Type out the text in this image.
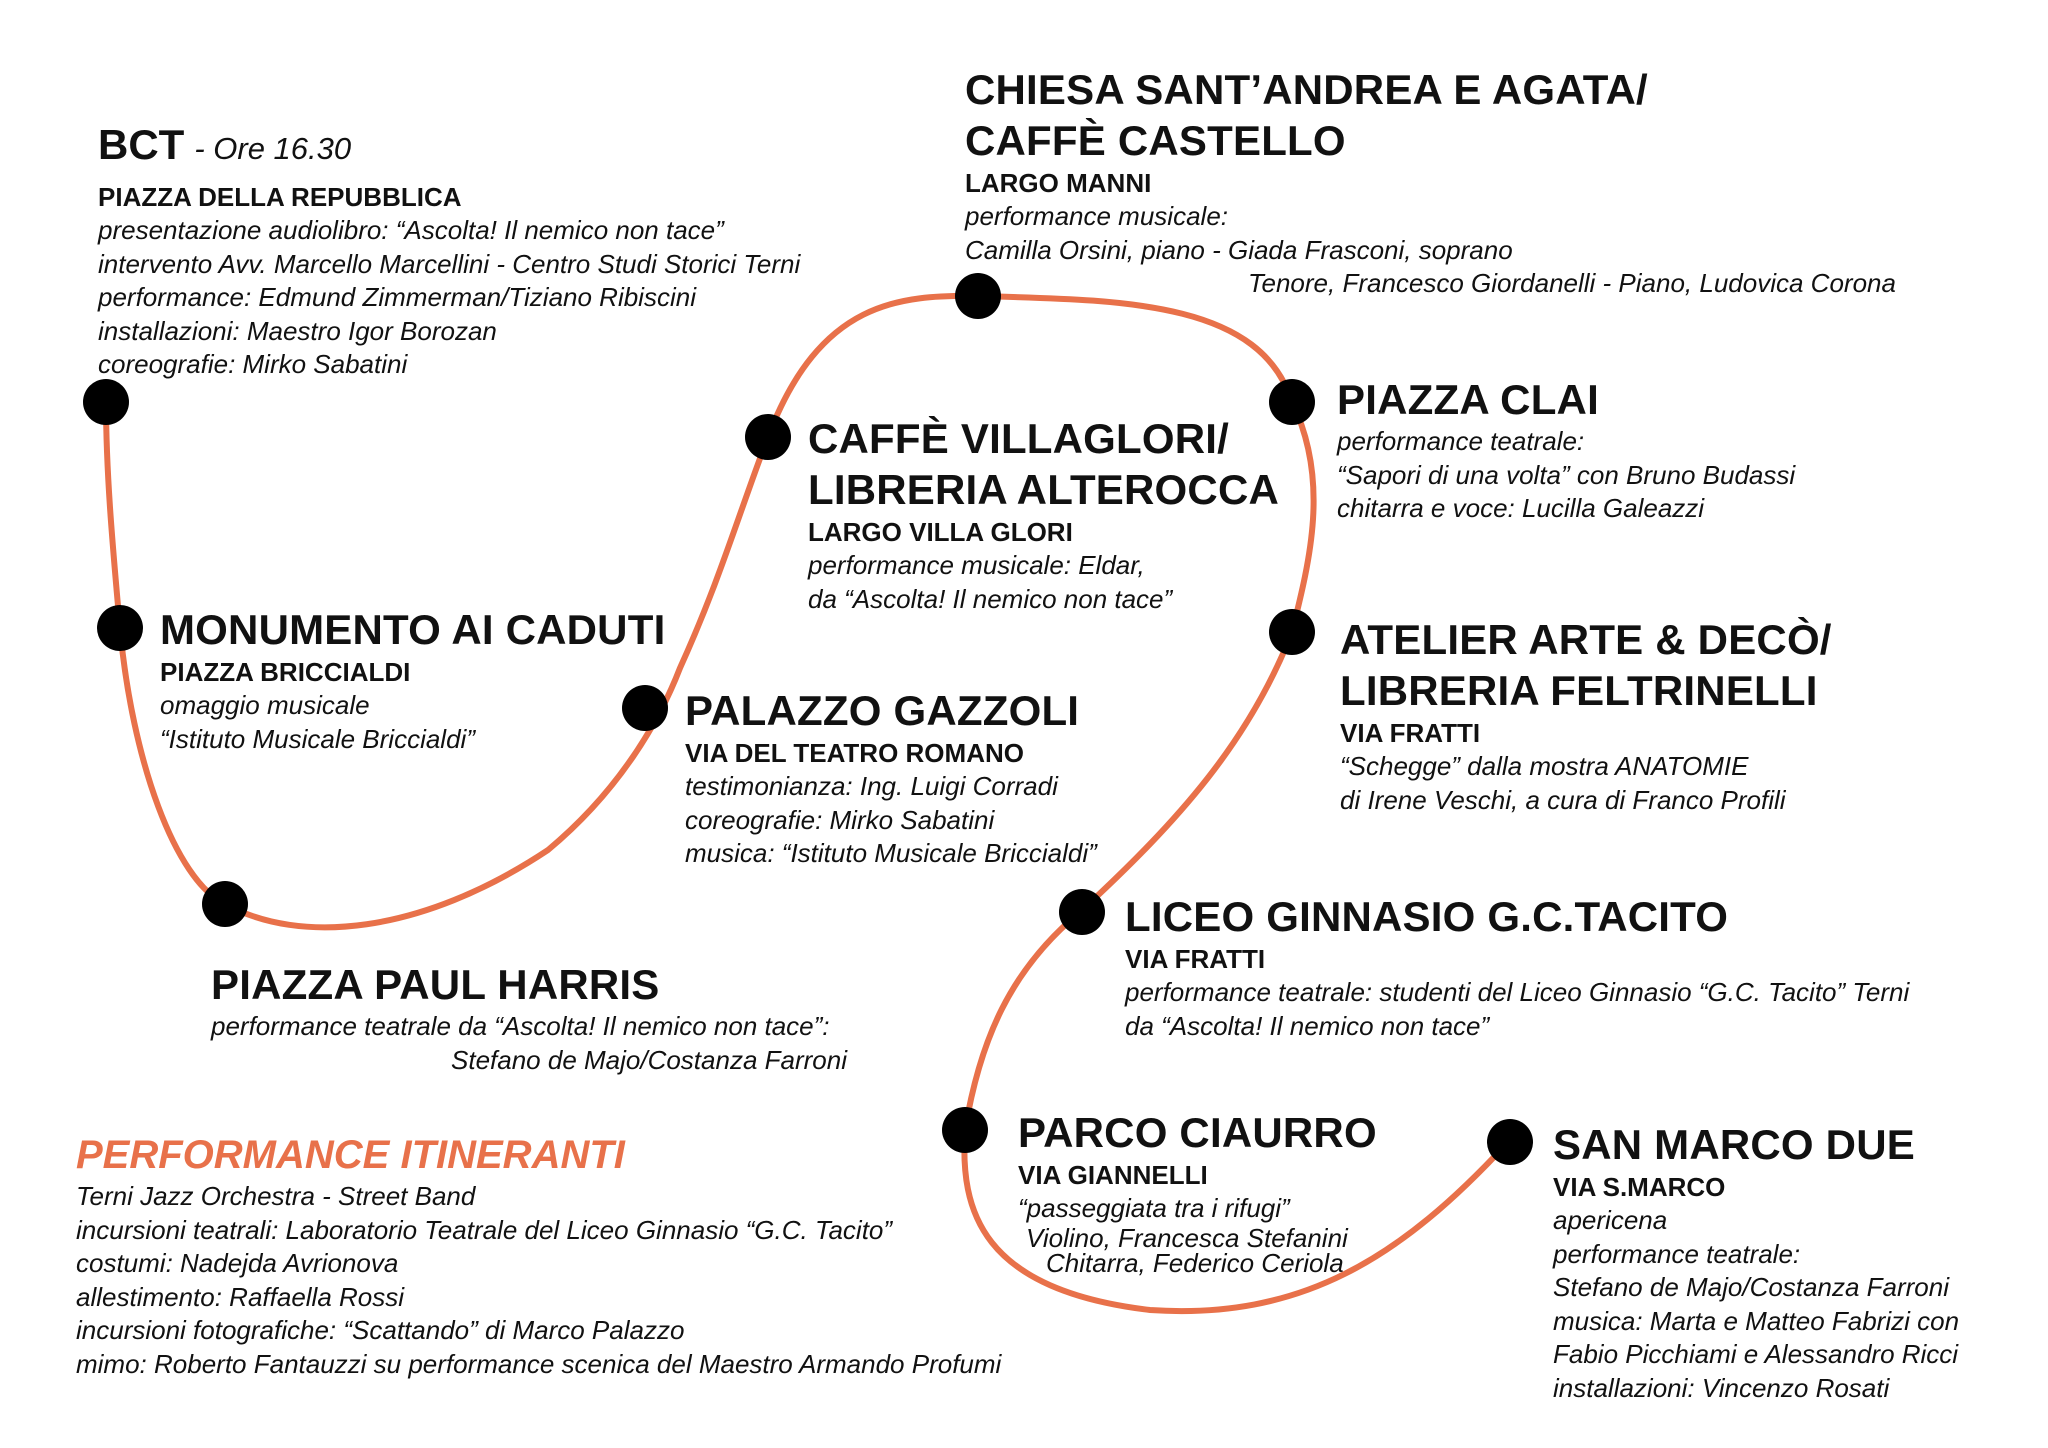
BCT - Ore 16.30
PIAZZA DELLA REPUBBLICA
presentazione audiolibro: “Ascolta! Il nemico non tace”
intervento Avv. Marcello Marcellini - Centro Studi Storici Terni
performance: Edmund Zimmerman/Tiziano Ribiscini
installazioni: Maestro Igor Borozan
coreografie: Mirko Sabatini
CHIESA SANT’ANDREA E AGATA/
CAFFÈ CASTELLO
LARGO MANNI
performance musicale:
Camilla Orsini, piano - Giada Frasconi, soprano
Tenore, Francesco Giordanelli - Piano, Ludovica Corona
PIAZZA CLAI
performance teatrale:
“Sapori di una volta” con Bruno Budassi
chitarra e voce: Lucilla Galeazzi
CAFFÈ VILLAGLORI/
LIBRERIA ALTEROCCA
LARGO VILLA GLORI
performance musicale: Eldar,
da “Ascolta! Il nemico non tace”
MONUMENTO AI CADUTI
PIAZZA BRICCIALDI
omaggio musicale
“Istituto Musicale Briccialdi”
PALAZZO GAZZOLI
VIA DEL TEATRO ROMANO
testimonianza: Ing. Luigi Corradi
coreografie: Mirko Sabatini
musica: “Istituto Musicale Briccialdi”
ATELIER ARTE & DECÒ/
LIBRERIA FELTRINELLI
VIA FRATTI
“Schegge” dalla mostra ANATOMIE
di Irene Veschi, a cura di Franco Profili
LICEO GINNASIO G.C.TACITO
VIA FRATTI
performance teatrale: studenti del Liceo Ginnasio “G.C. Tacito” Terni
da “Ascolta! Il nemico non tace”
PIAZZA PAUL HARRIS
performance teatrale da “Ascolta! Il nemico non tace”:
Stefano de Majo/Costanza Farroni
PARCO CIAURRO
VIA GIANNELLI
“passeggiata tra i rifugi”
Violino, Francesca Stefanini
Chitarra, Federico Ceriola
SAN MARCO DUE
VIA S.MARCO
apericena
performance teatrale:
Stefano de Majo/Costanza Farroni
musica: Marta e Matteo Fabrizi con
Fabio Picchiami e Alessandro Ricci
installazioni: Vincenzo Rosati
PERFORMANCE ITINERANTI
Terni Jazz Orchestra - Street Band
incursioni teatrali: Laboratorio Teatrale del Liceo Ginnasio “G.C. Tacito”
costumi: Nadejda Avrionova
allestimento: Raffaella Rossi
incursioni fotografiche: “Scattando” di Marco Palazzo
mimo: Roberto Fantauzzi su performance scenica del Maestro Armando Profumi
